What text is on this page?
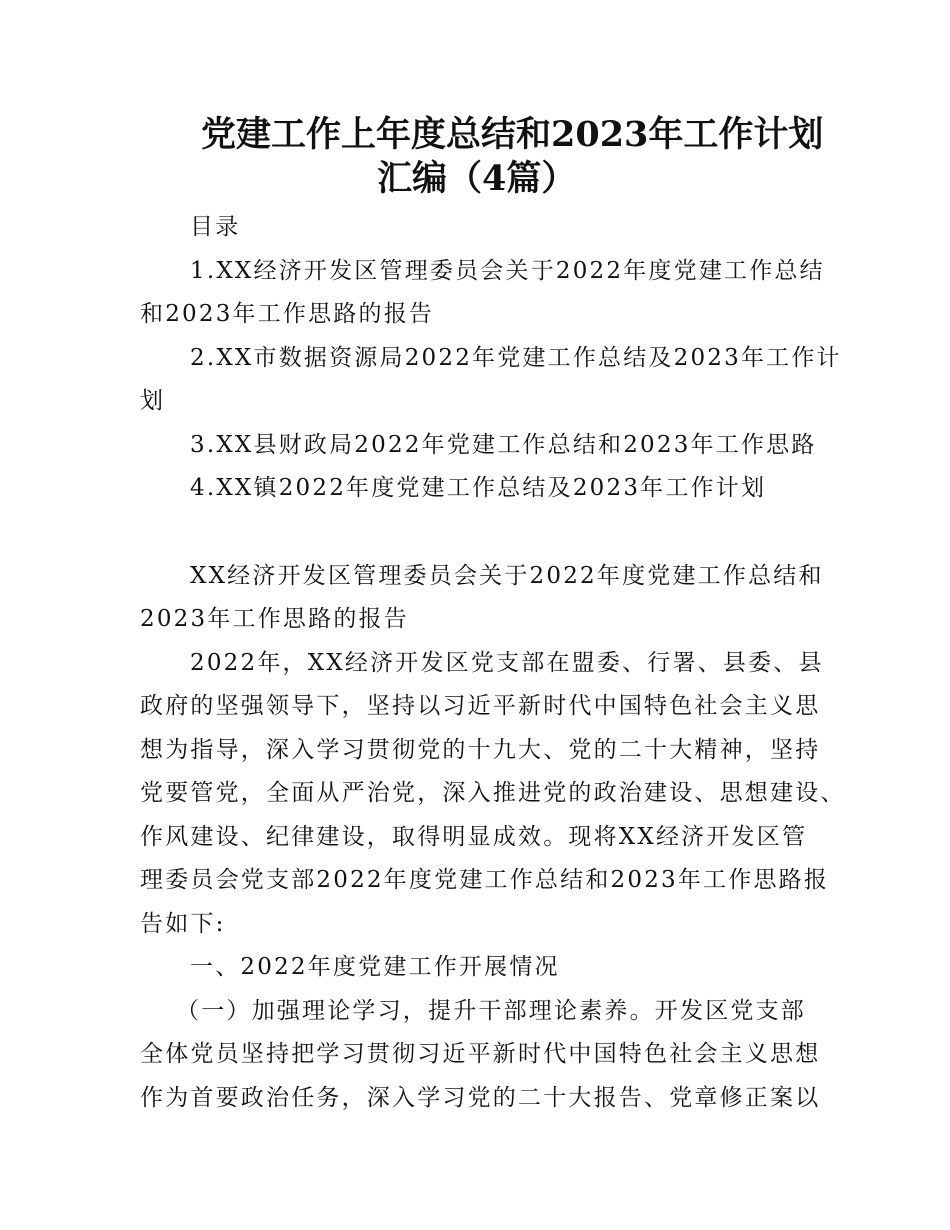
党建工作上年度总结和2023年工作计划
汇编（4篇）

目录

1.XX经济开发区管理委员会关于2022年度党建工作总结

和2023年工作思路的报告

2.XX市数据资源局2022年党建工作总结及2023年工作计

划

3.XX县财政局2022年党建工作总结和2023年工作思路

4.XX镇2022年度党建工作总结及2023年工作计划

XX经济开发区管理委员会关于2022年度党建工作总结和

2023年工作思路的报告

2022年，XX经济开发区党支部在盟委、行署、县委、县

政府的坚强领导下，坚持以习近平新时代中国特色社会主义思

想为指导，深入学习贯彻党的十九大、党的二十大精神，坚持

党要管党，全面从严治党，深入推进党的政治建设、思想建设、

作风建设、纪律建设，取得明显成效。现将XX经济开发区管

理委员会党支部2022年度党建工作总结和2023年工作思路报

告如下:

一、2022年度党建工作开展情况

（一）加强理论学习，提升干部理论素养。开发区党支部

全体党员坚持把学习贯彻习近平新时代中国特色社会主义思想

作为首要政治任务，深入学习党的二十大报告、党章修正案以
